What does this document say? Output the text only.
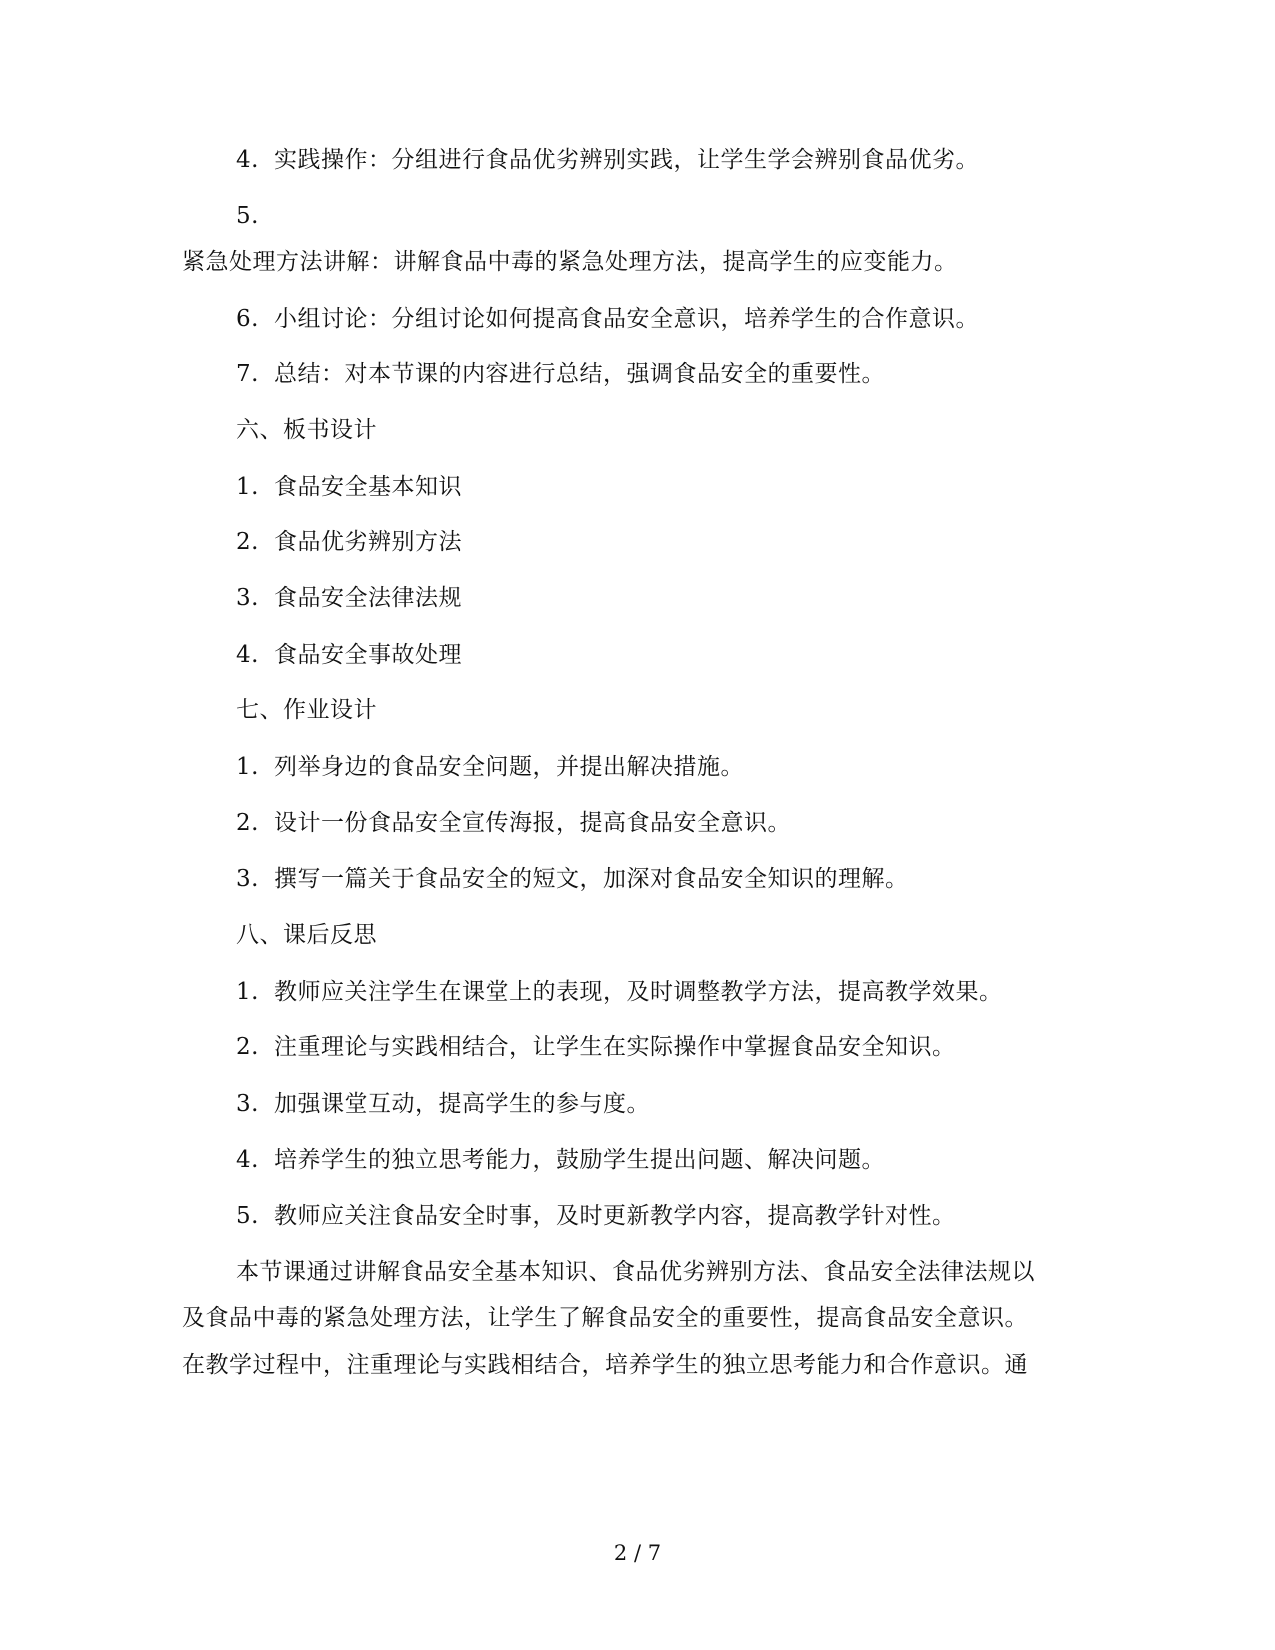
4. 实践操作：分组进行食品优劣辨别实践，让学生学会辨别食品优劣。
5.
紧急处理方法讲解：讲解食品中毒的紧急处理方法，提高学生的应变能力。
6. 小组讨论：分组讨论如何提高食品安全意识，培养学生的合作意识。
7. 总结：对本节课的内容进行总结，强调食品安全的重要性。
六、板书设计
1. 食品安全基本知识
2. 食品优劣辨别方法
3. 食品安全法律法规
4. 食品安全事故处理
七、作业设计
1. 列举身边的食品安全问题，并提出解决措施。
2. 设计一份食品安全宣传海报，提高食品安全意识。
3. 撰写一篇关于食品安全的短文，加深对食品安全知识的理解。
八、课后反思
1. 教师应关注学生在课堂上的表现，及时调整教学方法，提高教学效果。
2. 注重理论与实践相结合，让学生在实际操作中掌握食品安全知识。
3. 加强课堂互动，提高学生的参与度。
4. 培养学生的独立思考能力，鼓励学生提出问题、解决问题。
5. 教师应关注食品安全时事，及时更新教学内容，提高教学针对性。
本节课通过讲解食品安全基本知识、食品优劣辨别方法、食品安全法律法规以
及食品中毒的紧急处理方法，让学生了解食品安全的重要性，提高食品安全意识。
在教学过程中，注重理论与实践相结合，培养学生的独立思考能力和合作意识。通
2 / 7
